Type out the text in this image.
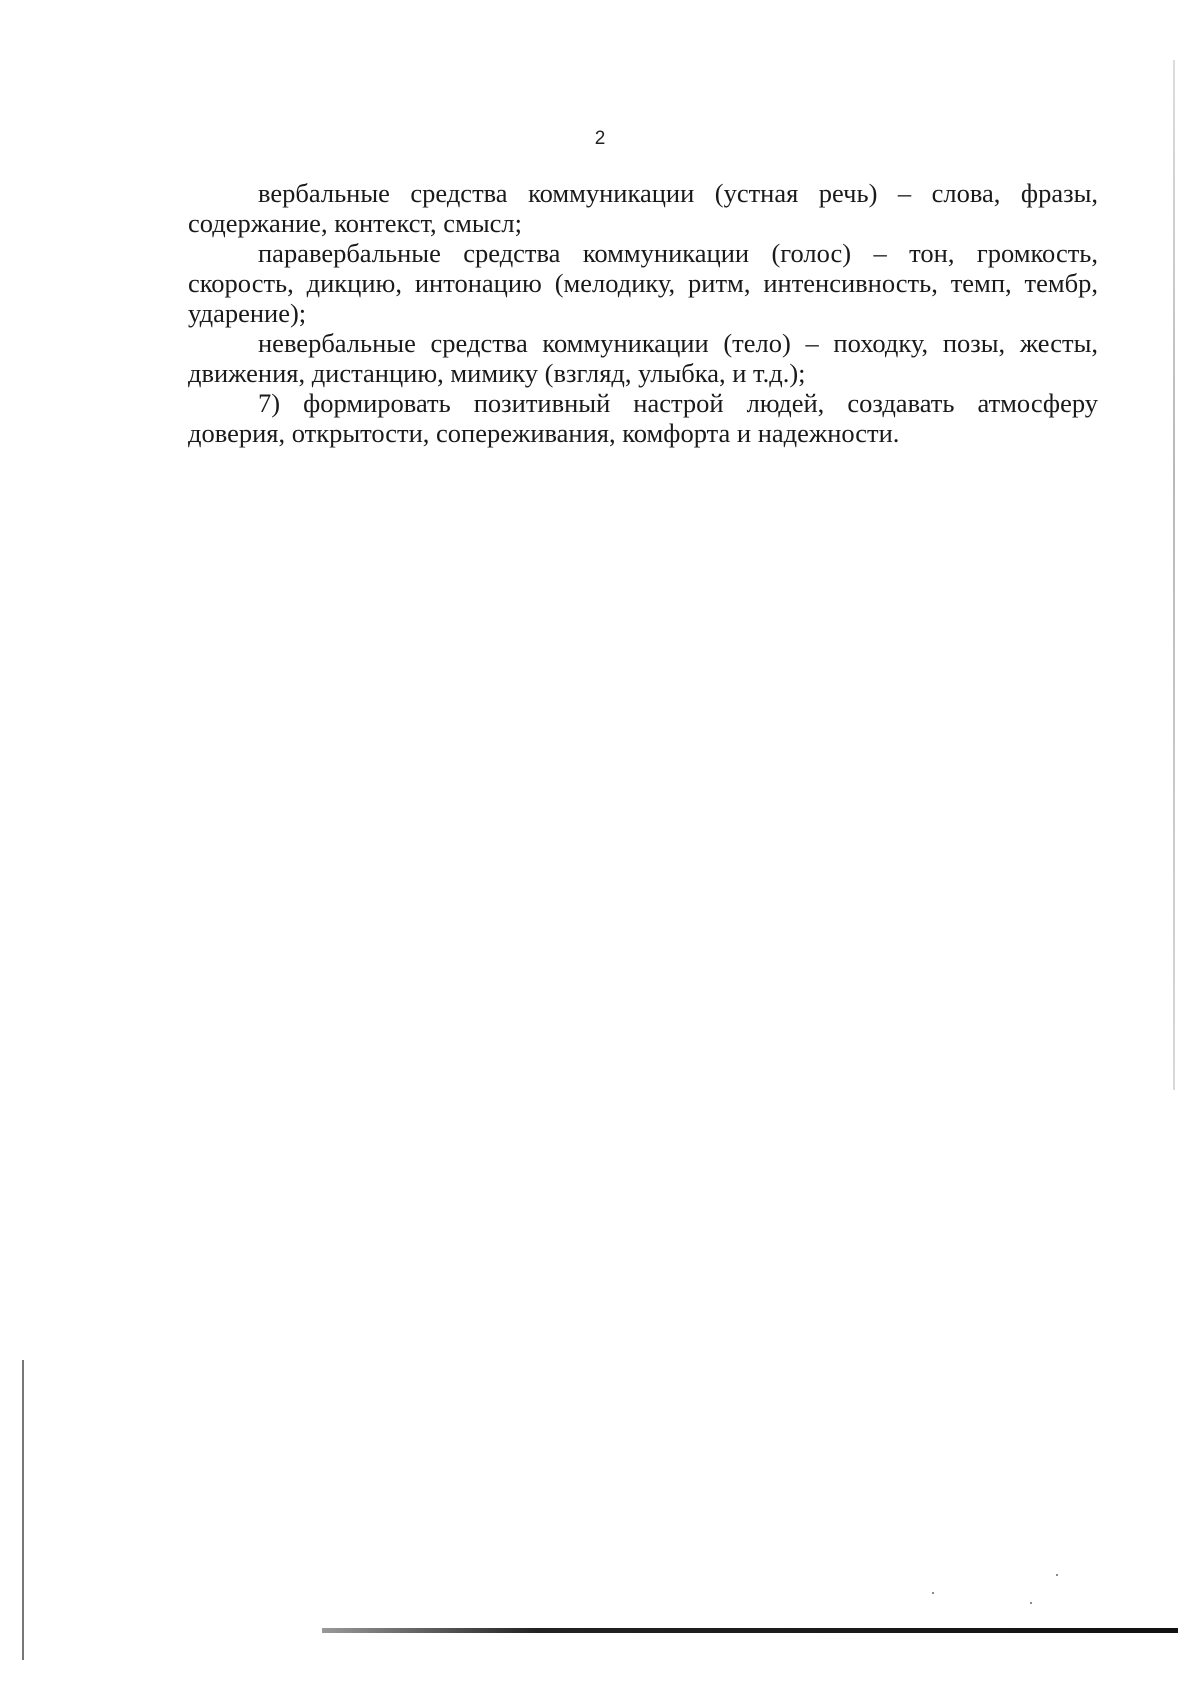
2

вербальные средства коммуникации (устная речь) – слова, фразы, содержание, контекст, смысл;

паравербальные средства коммуникации (голос) – тон, громкость, скорость, дикцию, интонацию (мелодику, ритм, интенсивность, темп, тембр, ударение);

невербальные средства коммуникации (тело) – походку, позы, жесты, движения, дистанцию, мимику (взгляд, улыбка, и т.д.);

7) формировать позитивный настрой людей, создавать атмосферу доверия, открытости, сопереживания, комфорта и надежности.
